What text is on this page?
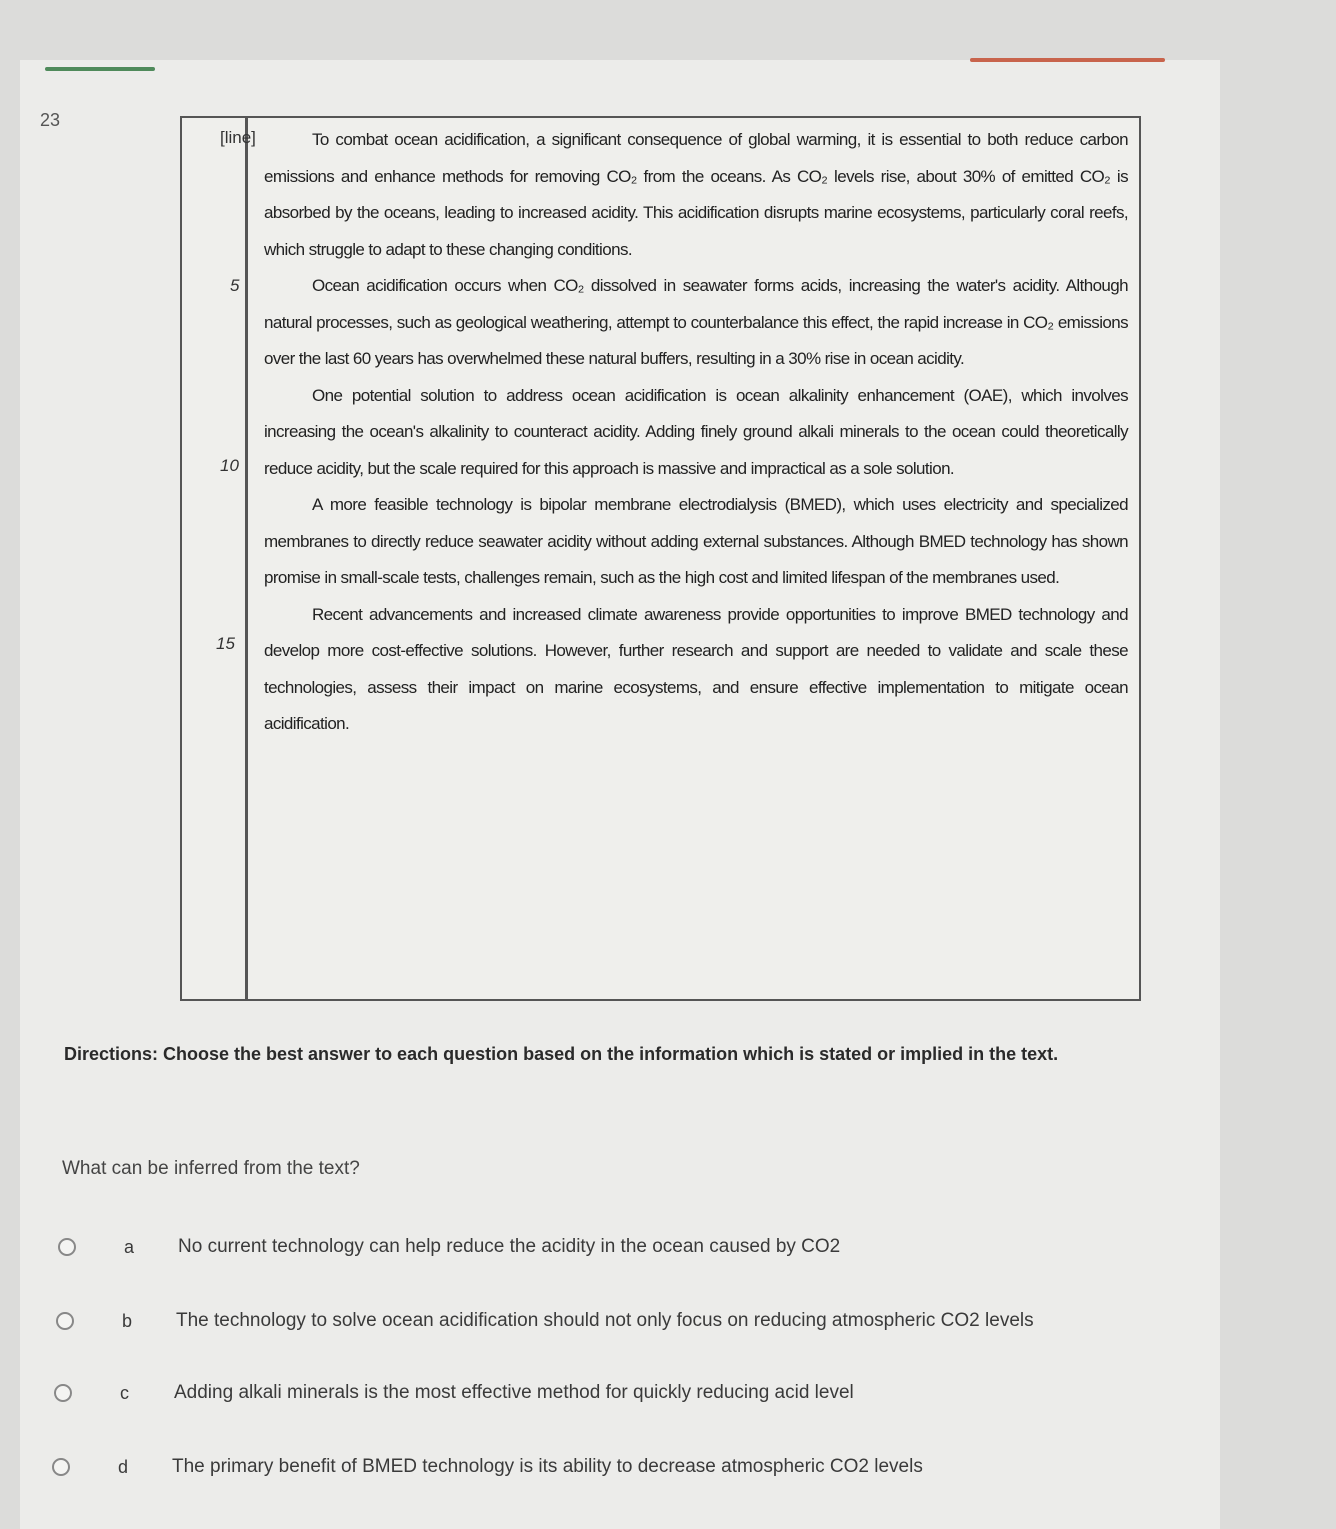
23
[line]
5
10
15

To combat ocean acidification, a significant consequence of global warming, it is essential to both reduce carbon emissions and enhance methods for removing CO₂ from the oceans. As CO₂ levels rise, about 30% of emitted CO₂ is absorbed by the oceans, leading to increased acidity. This acidification disrupts marine ecosystems, particularly coral reefs, which struggle to adapt to these changing conditions.

Ocean acidification occurs when CO₂ dissolved in seawater forms acids, increasing the water's acidity. Although natural processes, such as geological weathering, attempt to counterbalance this effect, the rapid increase in CO₂ emissions over the last 60 years has overwhelmed these natural buffers, resulting in a 30% rise in ocean acidity.

One potential solution to address ocean acidification is ocean alkalinity enhancement (OAE), which involves increasing the ocean's alkalinity to counteract acidity. Adding finely ground alkali minerals to the ocean could theoretically reduce acidity, but the scale required for this approach is massive and impractical as a sole solution.

A more feasible technology is bipolar membrane electrodialysis (BMED), which uses electricity and specialized membranes to directly reduce seawater acidity without adding external substances. Although BMED technology has shown promise in small-scale tests, challenges remain, such as the high cost and limited lifespan of the membranes used.

Recent advancements and increased climate awareness provide opportunities to improve BMED technology and develop more cost-effective solutions. However, further research and support are needed to validate and scale these technologies, assess their impact on marine ecosystems, and ensure effective implementation to mitigate ocean acidification.

Directions: Choose the best answer to each question based on the information which is stated or implied in the text.
What can be inferred from the text?
a	No current technology can help reduce the acidity in the ocean caused by CO2
b	The technology to solve ocean acidification should not only focus on reducing atmospheric CO2 levels
c	Adding alkali minerals is the most effective method for quickly reducing acid level
d	The primary benefit of BMED technology is its ability to decrease atmospheric CO2 levels
